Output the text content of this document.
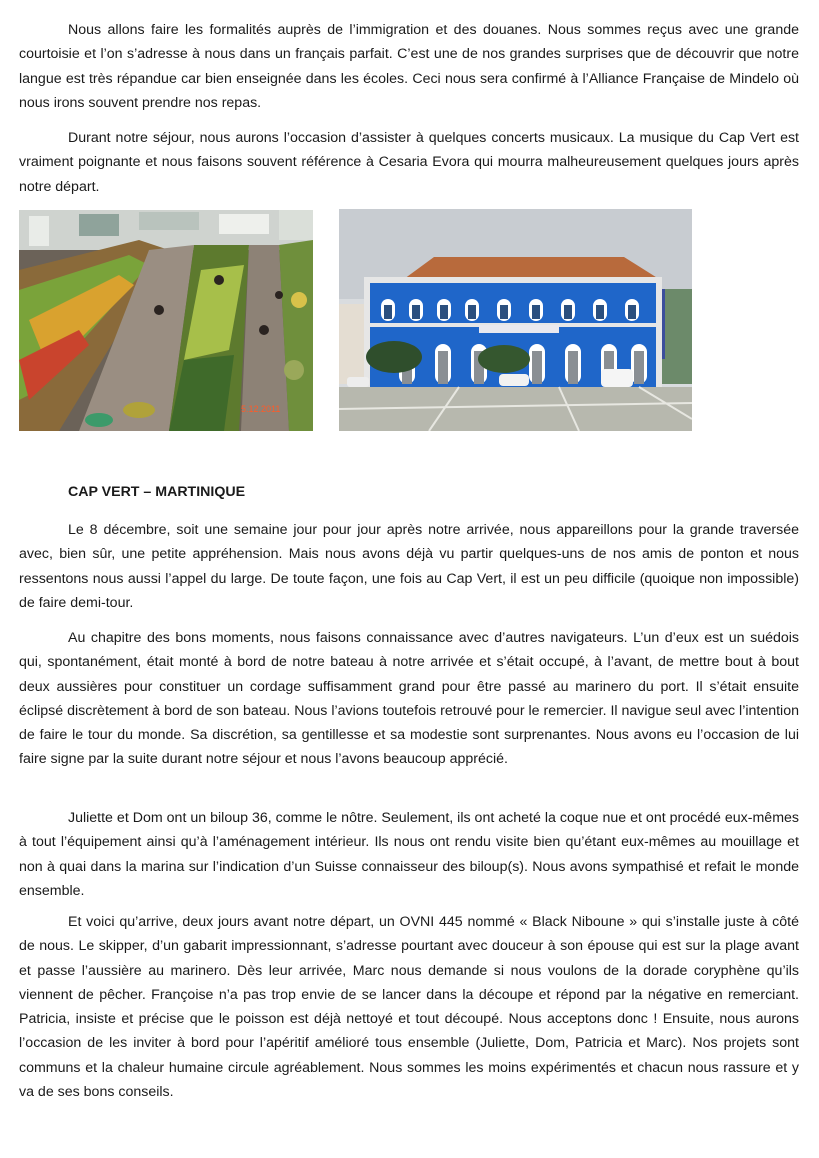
Nous allons faire les formalités auprès de l’immigration et des douanes. Nous sommes reçus avec une grande courtoisie et l’on s’adresse à nous dans un français parfait. C’est une de nos grandes surprises que de découvrir que notre langue est très répandue car bien enseignée dans les écoles. Ceci nous sera confirmé à l’Alliance Française de Mindelo où nous irons souvent prendre nos repas.

Durant notre séjour, nous aurons l’occasion d’assister à quelques concerts musicaux. La musique du Cap Vert est vraiment poignante et nous faisons souvent référence à Cesaria Evora qui mourra malheureusement quelques jours après notre départ.

5.12.2011

CAP VERT – MARTINIQUE

Le 8 décembre, soit une semaine jour pour jour après notre arrivée, nous appareillons pour la grande traversée avec, bien sûr, une petite appréhension. Mais nous avons déjà vu partir quelques-uns de nos amis de ponton et nous ressentons nous aussi l’appel du large. De toute façon, une fois au Cap Vert, il est un peu difficile (quoique non impossible) de faire demi-tour.

Au chapitre des bons moments, nous faisons connaissance avec d’autres navigateurs. L’un d’eux est un suédois qui, spontanément, était monté à bord de notre bateau à notre arrivée et s’était occupé, à l’avant, de mettre bout à bout deux aussières pour constituer un cordage suffisamment grand pour être passé au marinero du port. Il s’était ensuite éclipsé discrètement à bord de son bateau. Nous l’avions toutefois retrouvé pour le remercier. Il navigue seul avec l’intention de faire le tour du monde. Sa discrétion, sa gentillesse et sa modestie sont surprenantes. Nous avons eu l’occasion de lui faire signe par la suite durant notre séjour et nous l’avons beaucoup apprécié.

Juliette et Dom ont un biloup 36, comme le nôtre. Seulement, ils ont acheté la coque nue et ont procédé eux-mêmes à tout l’équipement ainsi qu’à l’aménagement intérieur. Ils nous ont rendu visite bien qu’étant eux-mêmes au mouillage et non à quai dans la marina sur l’indication d’un Suisse connaisseur des biloup(s). Nous avons sympathisé et refait le monde ensemble.

Et voici qu’arrive, deux jours avant notre départ, un OVNI 445 nommé « Black Niboune » qui s’installe juste à côté de nous. Le skipper, d’un gabarit impressionnant, s’adresse pourtant avec douceur à son épouse qui est sur la plage avant et passe l’aussière au marinero. Dès leur arrivée, Marc nous demande si nous voulons de la dorade coryphène qu’ils viennent de pêcher. Françoise n’a pas trop envie de se lancer dans la découpe et répond par la négative en remerciant. Patricia, insiste et précise que le poisson est déjà nettoyé et tout découpé. Nous acceptons donc ! Ensuite, nous aurons l’occasion de les inviter à bord pour l’apéritif amélioré tous ensemble (Juliette, Dom, Patricia et Marc). Nos projets sont communs et la chaleur humaine circule agréablement. Nous sommes les moins expérimentés et chacun nous rassure et y va de ses bons conseils.
